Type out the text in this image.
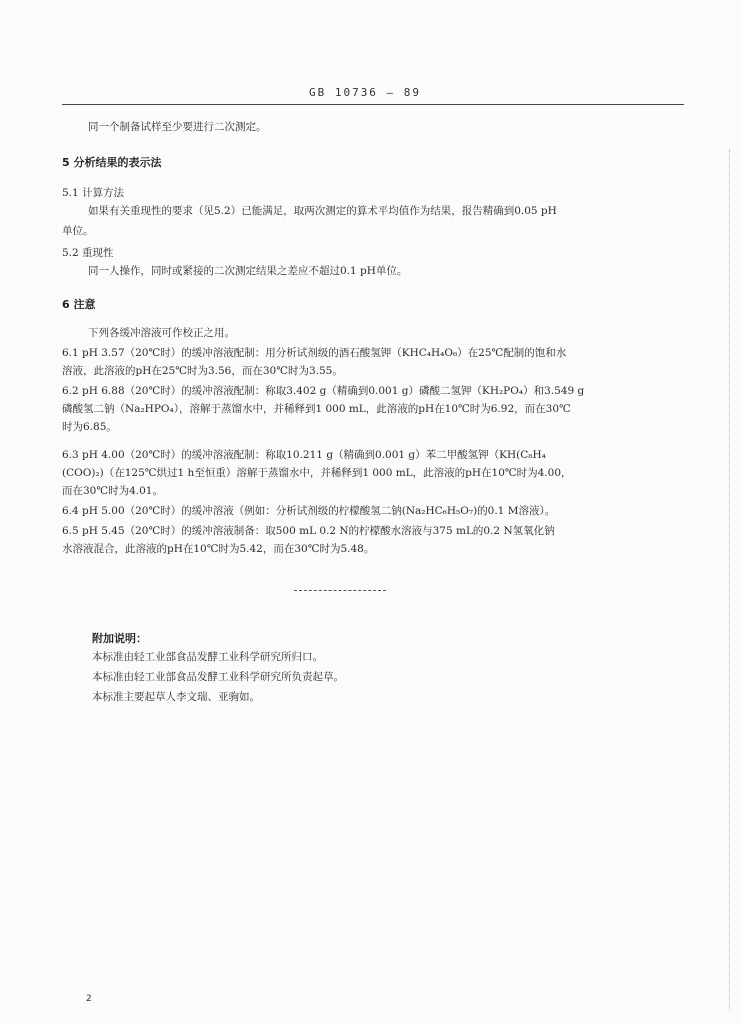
GB 10736 — 89
同一个制备试样至少要进行二次测定。
5 分析结果的表示法
5.1 计算方法
如果有关重现性的要求（见5.2）已能满足，取两次测定的算术平均值作为结果，报告精确到0.05 pH
单位。
5.2 重现性
同一人操作，同时或紧接的二次测定结果之差应不超过0.1 pH单位。
6 注意
下列各缓冲溶液可作校正之用。
6.1 pH 3.57（20℃时）的缓冲溶液配制：用分析试剂级的酒石酸氢钾（KHC₄H₄O₆）在25℃配制的饱和水
溶液，此溶液的pH在25℃时为3.56，而在30℃时为3.55。
6.2 pH 6.88（20℃时）的缓冲溶液配制：称取3.402 g（精确到0.001 g）磷酸二氢钾（KH₂PO₄）和3.549 g
磷酸氢二钠（Na₂HPO₄），溶解于蒸馏水中，并稀释到1 000 mL，此溶液的pH在10℃时为6.92，而在30℃
时为6.85。
6.3 pH 4.00（20℃时）的缓冲溶液配制：称取10.211 g（精确到0.001 g）苯二甲酸氢钾（KH(C₈H₄
(COO)₂)（在125℃烘过1 h至恒重）溶解于蒸馏水中，并稀释到1 000 mL，此溶液的pH在10℃时为4.00，
而在30℃时为4.01。
6.4 pH 5.00（20℃时）的缓冲溶液（例如：分析试剂级的柠檬酸氢二钠(Na₂HC₆H₅O₇)的0.1 M溶液）。
6.5 pH 5.45（20℃时）的缓冲溶液制备：取500 mL 0.2 N的柠檬酸水溶液与375 mL的0.2 N氢氧化钠
水溶液混合，此溶液的pH在10℃时为5.42，而在30℃时为5.48。
附加说明：
本标准由轻工业部食品发酵工业科学研究所归口。
本标准由轻工业部食品发酵工业科学研究所负责起草。
本标准主要起草人李文瑞、亚驹如。
2
